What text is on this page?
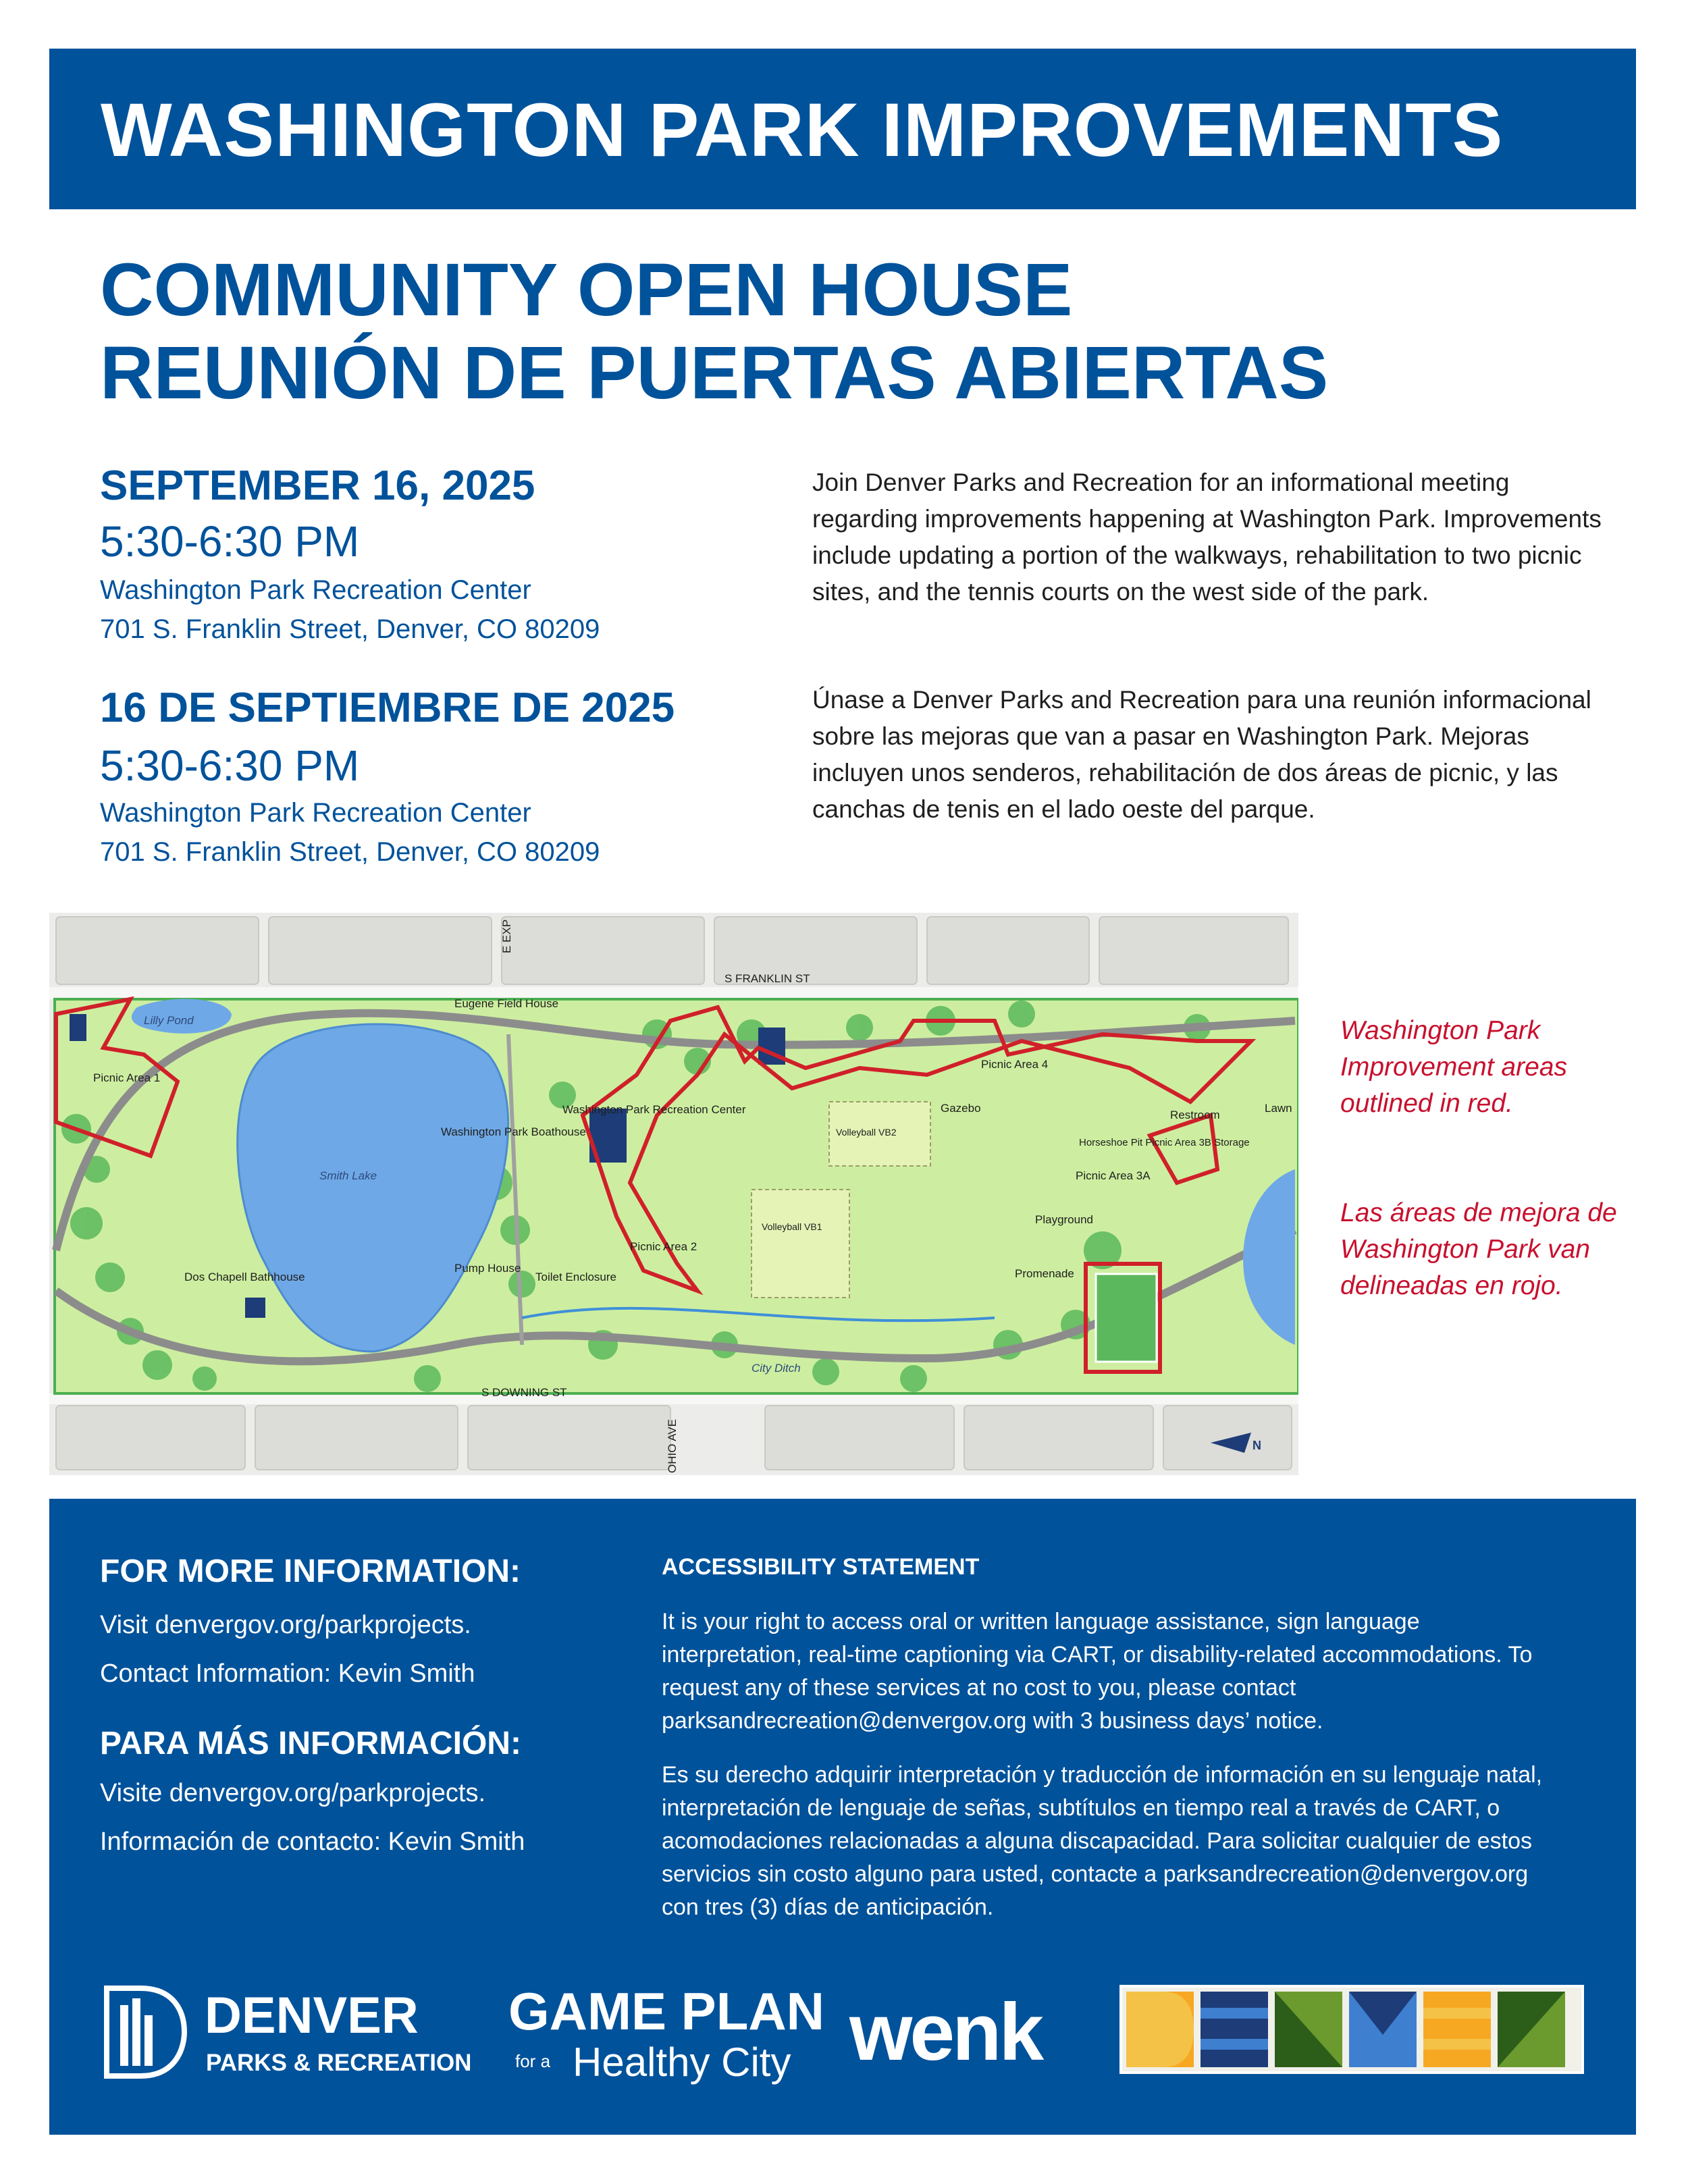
WASHINGTON PARK IMPROVEMENTS
COMMUNITY OPEN HOUSE
REUNIÓN DE PUERTAS ABIERTAS

SEPTEMBER 16, 2025

5:30-6:30 PM

Washington Park Recreation Center

701 S. Franklin Street, Denver, CO 80209

16 DE SEPTIEMBRE DE 2025

5:30-6:30 PM

Washington Park Recreation Center

701 S. Franklin Street, Denver, CO 80209

Join Denver Parks and Recreation for an informational meeting regarding improvements happening at Washington Park. Improvements include updating a portion of the walkways, rehabilitation to two picnic sites, and the tennis courts on the west side of the park.

Únase a Denver Parks and Recreation para una reunión informacional sobre las mejoras que van a pasar en Washington Park. Mejoras incluyen unos senderos, rehabilitación de dos áreas de picnic, y las canchas de tenis en el lado oeste del parque.

S FRANKLIN ST
S DOWNING ST
OHIO AVE
E EXP
Eugene Field House
Lilly Pond
Picnic Area 1
Smith Lake
Washington Park Boathouse
Washington Park Recreation Center
Pump House
Toilet Enclosure
Picnic Area 2
Volleyball VB1
Volleyball VB2
Picnic Area 4
Gazebo
Restroom
Horseshoe Pit Picnic Area 3B Storage
Picnic Area 3A
Playground
Promenade
City Ditch
Dos Chapell Bathhouse
Lawn
N

Washington Park Improvement areas outlined in red.

Las áreas de mejora de Washington Park van delineadas en rojo.

FOR MORE INFORMATION:

Visit denvergov.org/parkprojects.

Contact Information: Kevin Smith

PARA MÁS INFORMACIÓN:

Visite denvergov.org/parkprojects.

Información de contacto: Kevin Smith

ACCESSIBILITY STATEMENT

It is your right to access oral or written language assistance, sign language interpretation, real-time captioning via CART, or disability-related accommodations. To request any of these services at no cost to you, please contact parksandrecreation@denvergov.org with 3 business days’ notice.

Es su derecho adquirir interpretación y traducción de información en su lenguaje natal, interpretación de lenguaje de señas, subtítulos en tiempo real a través de CART, o acomodaciones relacionadas a alguna discapacidad. Para solicitar cualquier de estos servicios sin costo alguno para usted, contacte a parksandrecreation@denvergov.org con tres (3) días de anticipación.

DENVER
PARKS & RECREATION
GAME PLAN
for a Healthy City wenk
